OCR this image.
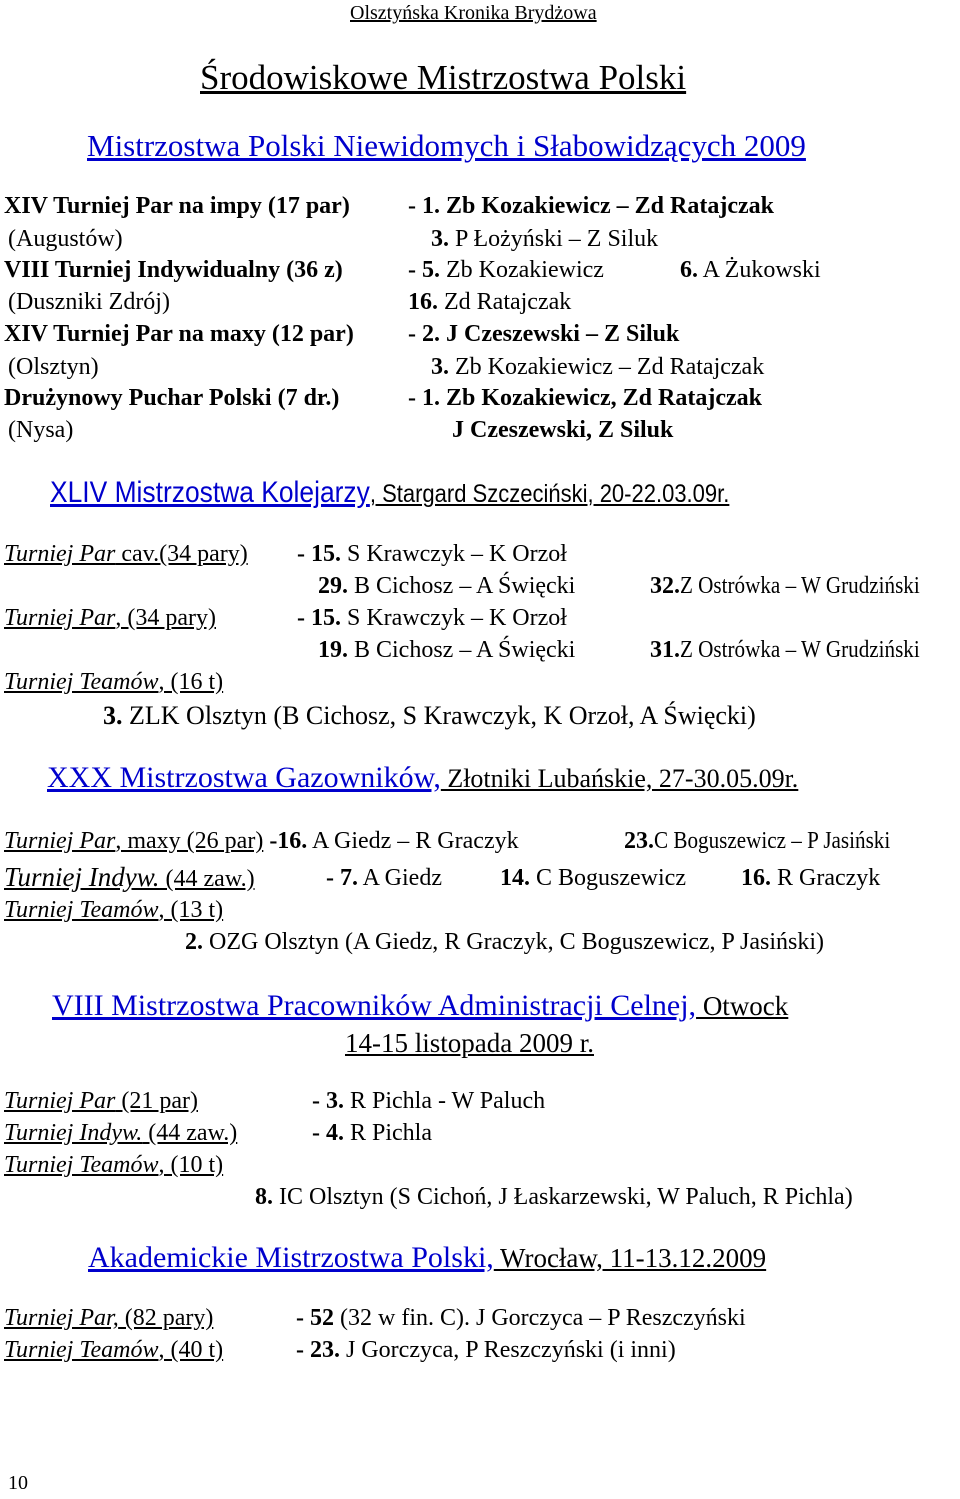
Olsztyńska Kronika Brydżowa
Środowiskowe Mistrzostwa Polski
Mistrzostwa Polski Niewidomych i Słabowidzących 2009
XIV Turniej Par na impy (17 par) - 1. Zb Kozakiewicz – Zd Ratajczak
(Augustów)	3. P Łożyński – Z Siluk
VIII Turniej Indywidualny (36 z)	- 5. Zb Kozakiewicz	6. A Żukowski
(Duszniki Zdrój)	16. Zd Ratajczak
XIV Turniej Par na maxy (12 par) - 2. J Czeszewski – Z Siluk
(Olsztyn)	3. Zb Kozakiewicz – Zd Ratajczak
Drużynowy Puchar Polski (7 dr.)	- 1. Zb Kozakiewicz, Zd Ratajczak
(Nysa)	J Czeszewski, Z Siluk
XLIV Mistrzostwa Kolejarzy, Stargard Szczeciński, 20-22.03.09r.
Turniej Par cav.(34 pary) - 15. S Krawczyk – K Orzoł
29. B Cichosz – A Święcki	32.Z Ostrówka – W Grudziński
Turniej Par, (34 pary)	- 15. S Krawczyk – K Orzoł
19. B Cichosz – A Święcki	31.Z Ostrówka – W Grudziński
Turniej Teamów, (16 t)
3. ZLK Olsztyn (B Cichosz, S Krawczyk, K Orzoł, A Święcki)
XXX Mistrzostwa Gazowników, Złotniki Lubańskie, 27-30.05.09r.
Turniej Par, maxy (26 par) -16. A Giedz – R Graczyk	23.C Boguszewicz – P Jasiński
Turniej Indyw. (44 zaw.)	- 7. A Giedz 14. C Boguszewicz 16. R Graczyk
Turniej Teamów, (13 t)
2. OZG Olsztyn (A Giedz, R Graczyk, C Boguszewicz, P Jasiński)
VIII Mistrzostwa Pracowników Administracji Celnej, Otwock
14-15 listopada 2009 r.
Turniej Par (21 par)	- 3. R Pichla - W Paluch
Turniej Indyw. (44 zaw.)	- 4. R Pichla
Turniej Teamów, (10 t)
8. IC Olsztyn (S Cichoń, J Łaskarzewski, W Paluch, R Pichla)
Akademickie Mistrzostwa Polski, Wrocław, 11-13.12.2009
Turniej Par, (82 pary)	- 52 (32 w fin. C). J Gorczyca – P Reszczyński
Turniej Teamów, (40 t)	- 23. J Gorczyca, P Reszczyński (i inni)
10
